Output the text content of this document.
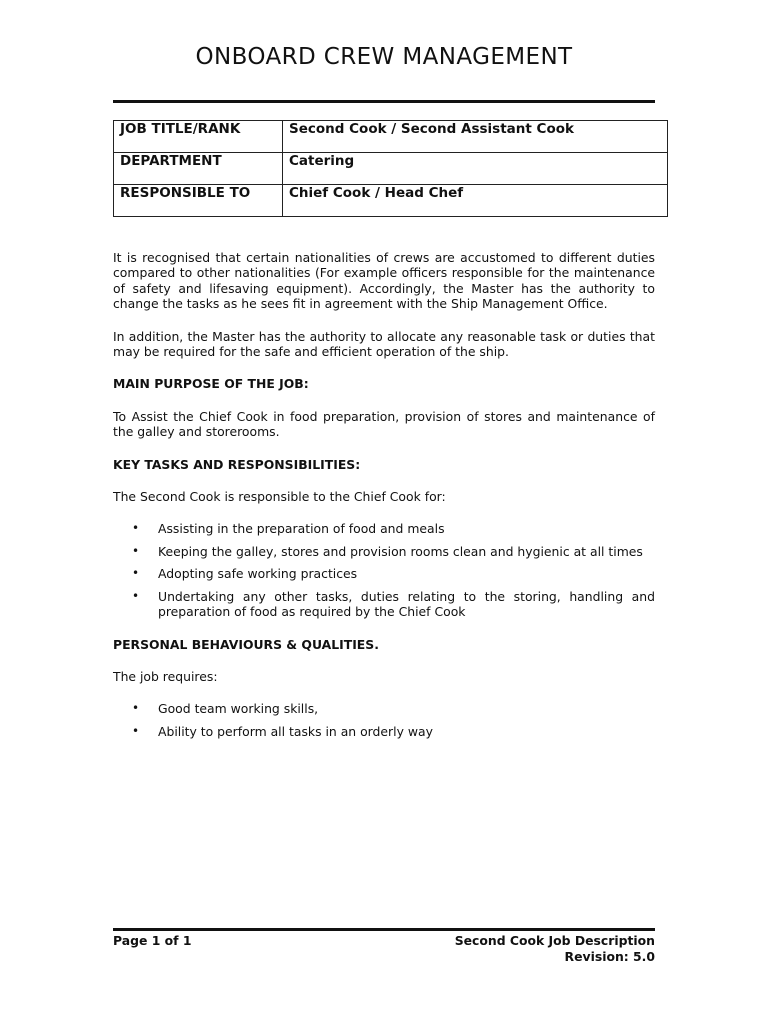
ONBOARD CREW MANAGEMENT
JOB TITLE/RANK	Second Cook / Second Assistant Cook
DEPARTMENT	Catering
RESPONSIBLE TO	Chief Cook / Head Chef

It is recognised that certain nationalities of crews are accustomed to different duties compared to other nationalities (For example officers responsible for the maintenance of safety and lifesaving equipment). Accordingly, the Master has the authority to change the tasks as he sees fit in agreement with the Ship Management Office.

In addition, the Master has the authority to allocate any reasonable task or duties that may be required for the safe and efficient operation of the ship.

MAIN PURPOSE OF THE JOB:

To Assist the Chief Cook in food preparation, provision of stores and maintenance of the galley and storerooms.

KEY TASKS AND RESPONSIBILITIES:

The Second Cook is responsible to the Chief Cook for:

• Assisting in the preparation of food and meals
• Keeping the galley, stores and provision rooms clean and hygienic at all times
• Adopting safe working practices
• Undertaking any other tasks, duties relating to the storing, handling and preparation of food as required by the Chief Cook

PERSONAL BEHAVIOURS & QUALITIES.

The job requires:

• Good team working skills,
• Ability to perform all tasks in an orderly way
Page 1 of 1	Second Cook Job Description
Revision: 5.0
